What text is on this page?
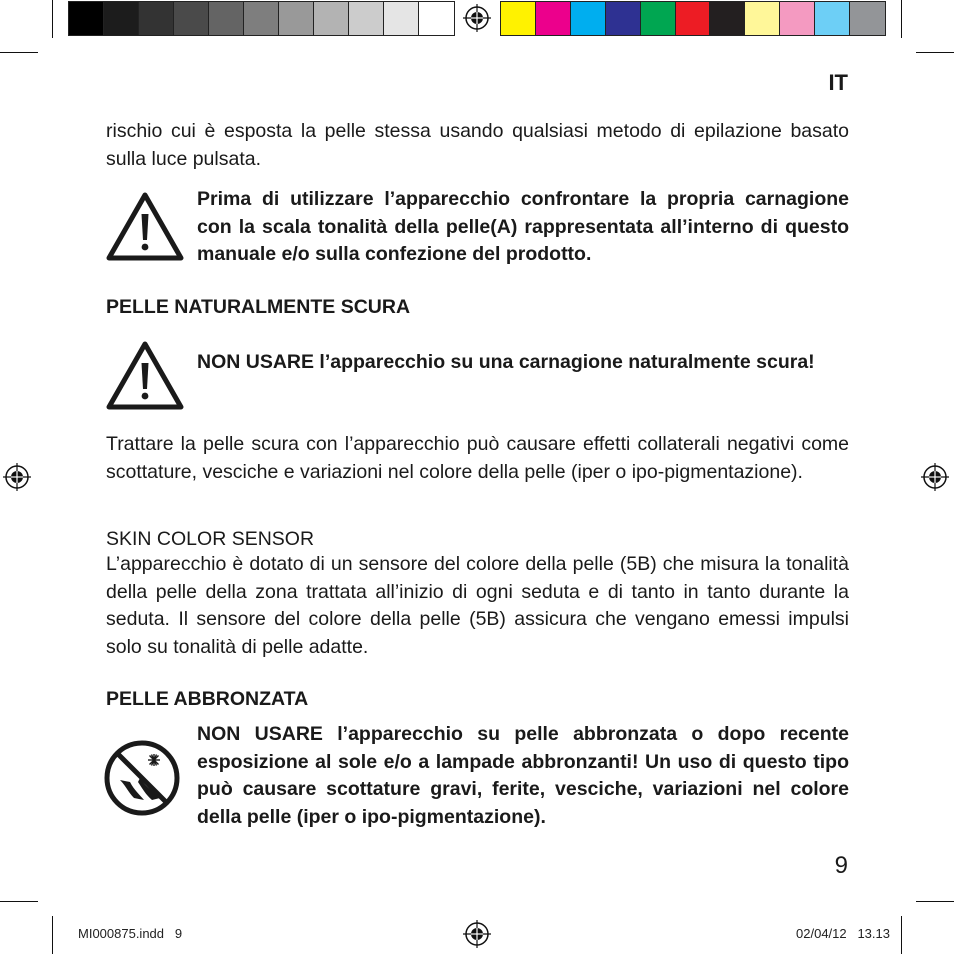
IT
rischio cui è esposta la pelle stessa usando qualsiasi metodo di epilazione basato sulla luce pulsata.
Prima di utilizzare l’apparecchio confrontare la propria carnagione con la scala tonalità della pelle(A) rappresentata all’interno di questo manuale e/o sulla confezione del prodotto.
PELLE NATURALMENTE SCURA
NON USARE l’apparecchio su una carnagione naturalmente scura!
Trattare la pelle scura con l’apparecchio può causare effetti collaterali negativi come scottature, vesciche e variazioni nel colore della pelle (iper o ipo-pigmentazione).
SKIN COLOR SENSOR
L’apparecchio è dotato di un sensore del colore della pelle (5B) che misura la tonalità della pelle della zona trattata all’inizio di ogni seduta e di tanto in tanto durante la seduta. Il sensore del colore della pelle (5B) assicura che vengano emessi impulsi solo su tonalità di pelle adatte.
PELLE ABBRONZATA
NON USARE l’apparecchio su pelle abbronzata o dopo recente esposizione al sole e/o a lampade abbronzanti! Un uso di questo tipo può causare scottature gravi, ferite, vesciche, variazioni nel colore della pelle (iper o ipo-pigmentazione).
9
MI000875.indd   9	02/04/12   13.13
